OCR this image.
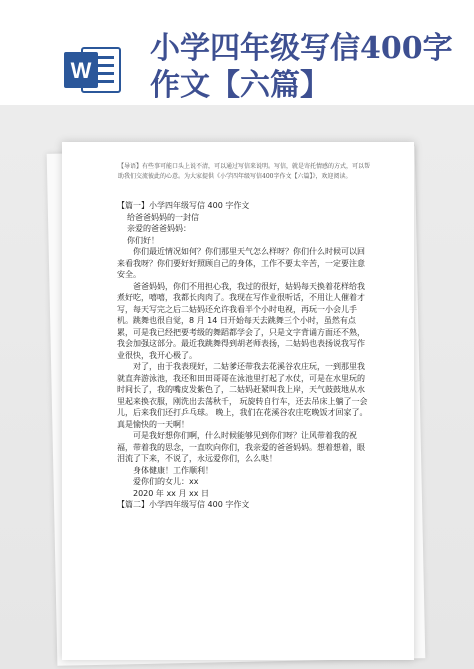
W
小学四年级写信400字作文【六篇】
【导语】有些事可能口头上说不清，可以通过写信来说明。写信，就是寄托情感的方式，可以帮助我们交流彼此的心意。为大家提供《小学四年级写信400字作文【六篇】》，欢迎阅读。

【篇一】小学四年级写信 400 字作文

给爸爸妈妈的一封信

亲爱的爸爸妈妈：

你们好！

你们最近情况如何？你们那里天气怎么样呀？你们什么时候可以回来看我呀？你们要好好照顾自己的身体，工作不要太辛苦，一定要注意安全。

爸爸妈妈，你们不用担心我，我过的很好，姑妈每天换着花样给我煮好吃，嘻嘻，我都长肉肉了。我现在写作业很听话，不用让人催着才写，每天写完之后二姑妈还允许我看半个小时电视，再玩一小会儿手机。跳舞也很自觉，8 月 14 日开始每天去跳舞三个小时，虽然有点累，可是我已经把要考级的舞蹈都学会了，只是文字背诵方面还不熟，我会加强这部分。最近我跳舞得到胡老师表扬，二姑妈也表扬说我写作业很快，我开心极了。

对了，由于我表现好，二姑爹还带我去花溪谷农庄玩，一到那里我就直奔游泳池，我还和田田哥哥在泳池里打起了水仗，可是在水里玩的时间长了，我的嘴皮发紫色了，二姑妈赶紧叫我上岸，天气鼓鼓地从水里起来换衣服，刚洗出去荡秋千， 玩旋转自行车，还去吊床上躺了一会儿，后来我们还打乒乓球。 晚上，我们在花溪谷农庄吃晚饭才回家了。真是愉快的一天啊！

可是我好想你们啊，什么时候能够见到你们呀？让风带着我的祝福，带着我的思念，一直吹向你们，我亲爱的爸爸妈妈。想着想着，眼泪流了下来，不说了，永远爱你们，么么哒！

身体健康！工作顺利！

爱你们的女儿：xx

2020 年 xx 月 xx 日

【篇二】小学四年级写信 400 字作文
